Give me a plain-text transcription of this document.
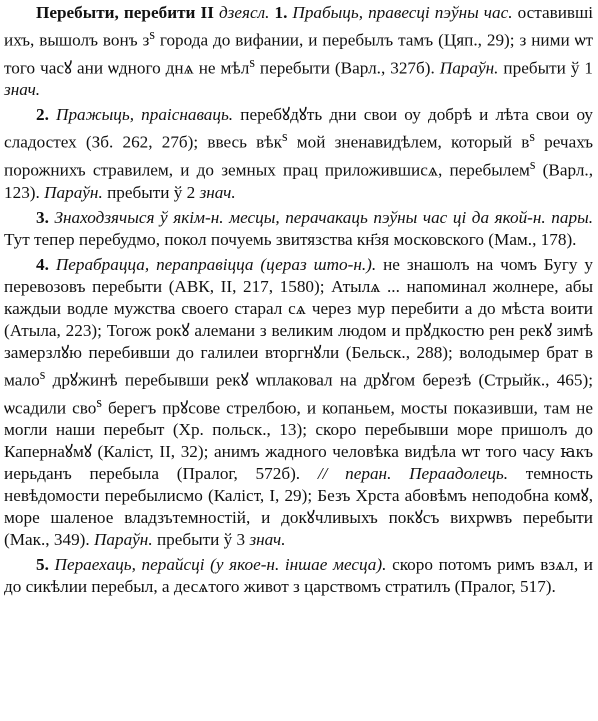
Перебыти, перебити II дзеясл. 1. Прабыць, правесці пэўны час. оставивші ихъ, вышолъ вонъ $з^s$ города до вифании, и перебылъ тамъ (Цяп., 29); з ними ѡт того часꙋ ани ѡдного днѧ не мѣл$^s$ перебыти (Варл., 327б). Параўн. пребыти ў 1 знач.

2. Пражыць, праіснаваць. перебꙋдꙋть дни свои оу добрѣ и лѣта свои оу сладостех (Зб. 262, 27б); ввесь вѣк$^s$ мой зненавидѣлем, который $в^s$ речахъ порожнихъ стравилем, и до земных прац приложившисѧ, перебылем$^s$ (Варл., 123). Параўн. пребыти ў 2 знач.

3. Знаходзячыся ў якім-н. месцы, перачакаць пэўны час ці да якой-н. пары. Тут тепер перебудмо, покол почуемь звитязства кн҃зя московского (Мам., 178).

4. Перабрацца, пераправіцца (цераз што-н.). не знашолъ на чомъ Бугу у перевозовъ перебыти (АВК, II, 217, 1580); Атылѧ ... напоминал жолнере, абы каждыи водле мужства своего старал сѧ через мур перебити а до мѣста воити (Атыла, 223); Тогож рокꙋ алемани з великим людом и прꙋдкостю рен рекꙋ зимѣ замерзлꙋю перебивши до галилеи вторгнꙋли (Бельск., 288); володымер брат в мало$^s$ дрꙋжинѣ перебывши рекꙋ ѡплаковал на дрꙋгом березѣ (Стрыйк., 465); ѡсадили сво$^s$ берегъ прꙋсове стрелбою, и копаньем, мосты показивши, там не могли наши перебыт (Хр. польск., 13); скоро перебывши море пришолъ до Капернаꙋмꙋ (Каліст, II, 32); анимъ жадного человѣка видѣла ѡт того часу ꙗкъ иерьданъ перебыла (Пралог, 572б). // перан. Пераадолець. темность невѣдомости перебылисмо (Каліст, I, 29); Безъ Хрста абовѣмъ неподобна комꙋ, море шаленое владзътемностій, и докꙋчливыхъ покꙋсъ вихрѡвъ перебыти (Мак., 349). Параўн. пребыти ў 3 знач.

5. Пераехаць, перайсці (у якое-н. іншае месца). скоро потомъ римъ взѧл, и до сикѣлии перебыл, а десѧтого живот з царствомъ стратилъ (Пралог, 517).
